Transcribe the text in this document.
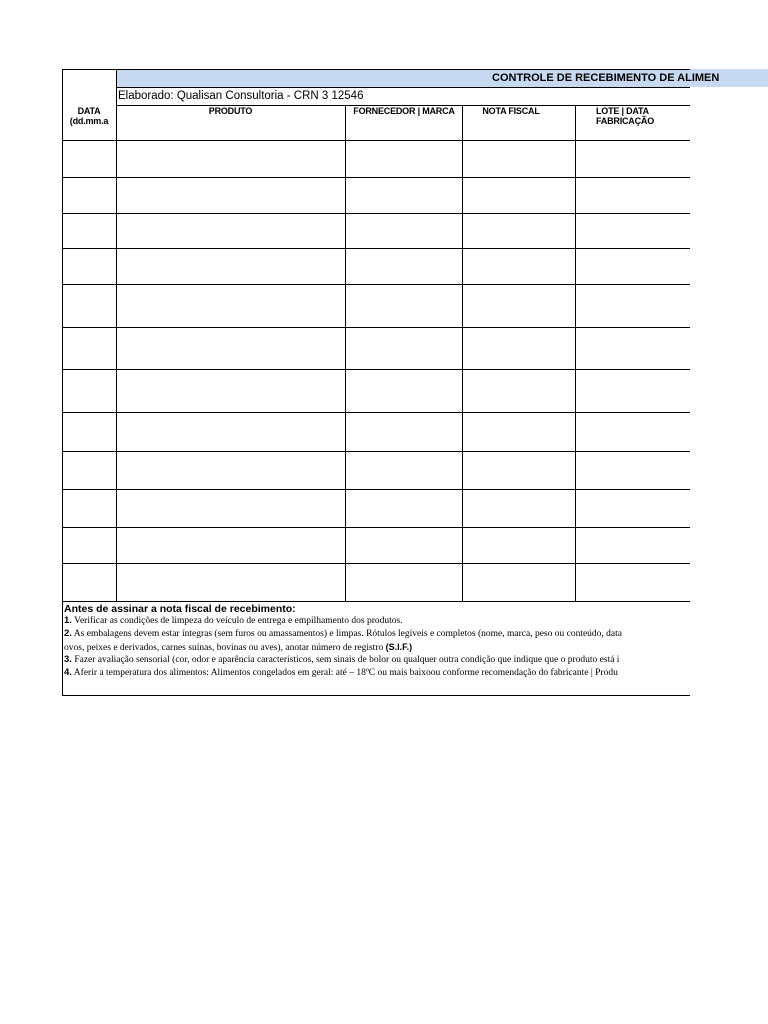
CONTROLE DE RECEBIMENTO DE ALIMEN
Elaborado: Qualisan Consultoria - CRN 3 12546
DATA
(dd.mm.a
PRODUTO	FORNECEDOR | MARCA	NOTA FISCAL	LOTE | DATA
FABRICAÇÃO
Antes de assinar a nota fiscal de recebimento:
1. Verificar as condições de limpeza do veículo de entrega e empilhamento dos produtos.
2. As embalagens devem estar íntegras (sem furos ou amassamentos) e limpas. Rótulos legíveis e completos (nome, marca, peso ou conteúdo, data
ovos, peixes e derivados, carnes suínas, bovinas ou aves), anotar número de registro (S.I.F.)
3. Fazer avaliação sensorial (cor, odor e aparência característicos, sem sinais de bolor ou qualquer outra condição que indique que o produto está i
4. Aferir a temperatura dos alimentos: Alimentos congelados em geral: até – 18ºC ou mais baixoou conforme recomendação do fabricante | Produ
